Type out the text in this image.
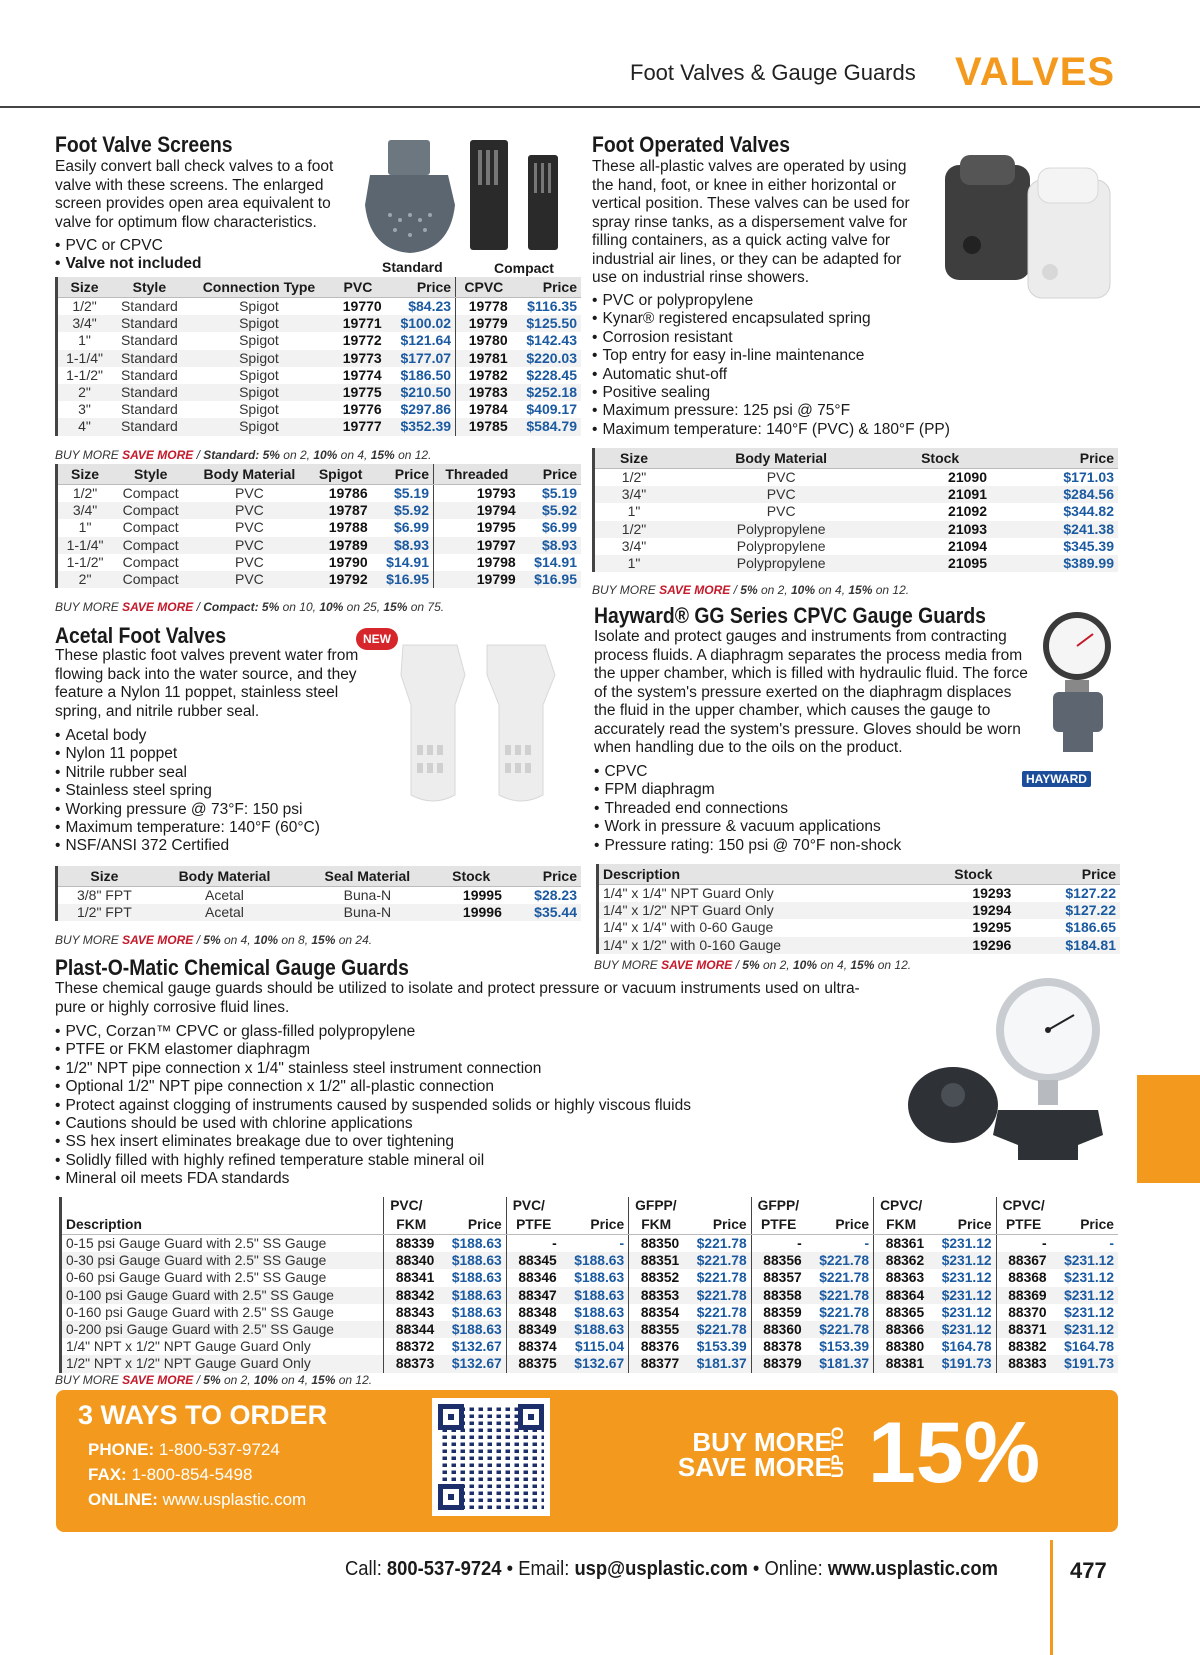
Foot Valves & Gauge Guards VALVES
Foot Valve Screens
Easily convert ball check valves to a foot valve with these screens. The enlarged screen provides open area equivalent to valve for optimum flow characteristics.
• PVC or CPVC
• Valve not included	Standard	Compact
Size	Style	Connection Type	PVC	Price	CPVC	Price
1/2"	Standard	Spigot	19770	$84.23	19778	$116.35
3/4"	Standard	Spigot	19771	$100.02	19779	$125.50
1"	Standard	Spigot	19772	$121.64	19780	$142.43
1-1/4"	Standard	Spigot	19773	$177.07	19781	$220.03
1-1/2"	Standard	Spigot	19774	$186.50	19782	$228.45
2"	Standard	Spigot	19775	$210.50	19783	$252.18
3"	Standard	Spigot	19776	$297.86	19784	$409.17
4"	Standard	Spigot	19777	$352.39	19785	$584.79
BUY MORE SAVE MORE / Standard: 5% on 2, 10% on 4, 15% on 12.
Size	Style	Body Material	Spigot	Price	Threaded	Price
1/2"	Compact	PVC	19786	$5.19	19793	$5.19
3/4"	Compact	PVC	19787	$5.92	19794	$5.92
1"	Compact	PVC	19788	$6.99	19795	$6.99
1-1/4"	Compact	PVC	19789	$8.93	19797	$8.93
1-1/2"	Compact	PVC	19790	$14.91	19798	$14.91
2"	Compact	PVC	19792	$16.95	19799	$16.95
BUY MORE SAVE MORE / Compact: 5% on 10, 10% on 25, 15% on 75.
Acetal Foot Valves	NEW
These plastic foot valves prevent water from flowing back into the water source, and they feature a Nylon 11 poppet, stainless steel spring, and nitrile rubber seal.
• Acetal body
• Nylon 11 poppet
• Nitrile rubber seal
• Stainless steel spring
• Working pressure @ 73°F: 150 psi
• Maximum temperature: 140°F (60°C)
• NSF/ANSI 372 Certified
Size	Body Material	Seal Material	Stock	Price
3/8" FPT	Acetal	Buna-N	19995	$28.23
1/2" FPT	Acetal	Buna-N	19996	$35.44
BUY MORE SAVE MORE / 5% on 4, 10% on 8, 15% on 24.
Foot Operated Valves
These all-plastic valves are operated by using the hand, foot, or knee in either horizontal or vertical position. These valves can be used for spray rinse tanks, as a dispersement valve for filling containers, as a quick acting valve for industrial air lines, or they can be adapted for use on industrial rinse showers.
• PVC or polypropylene
• Kynar® registered encapsulated spring
• Corrosion resistant
• Top entry for easy in-line maintenance
• Automatic shut-off
• Positive sealing
• Maximum pressure: 125 psi @ 75°F
• Maximum temperature: 140°F (PVC) & 180°F (PP)
Size	Body Material	Stock	Price
1/2"	PVC	21090	$171.03
3/4"	PVC	21091	$284.56
1"	PVC	21092	$344.82
1/2"	Polypropylene	21093	$241.38
3/4"	Polypropylene	21094	$345.39
1"	Polypropylene	21095	$389.99
BUY MORE SAVE MORE / 5% on 2, 10% on 4, 15% on 12.
Hayward® GG Series CPVC Gauge Guards
Isolate and protect gauges and instruments from contracting process fluids. A diaphragm separates the process media from the upper chamber, which is filled with hydraulic fluid. The force of the system's pressure exerted on the diaphragm displaces the fluid in the upper chamber, which causes the gauge to accurately read the system's pressure. Gloves should be worn when handling due to the oils on the product.
HAYWARD
• CPVC
• FPM diaphragm
• Threaded end connections
• Work in pressure & vacuum applications
• Pressure rating: 150 psi @ 70°F non-shock
Description	Stock	Price
1/4" x 1/4" NPT Guard Only	19293	$127.22
1/4" x 1/2" NPT Guard Only	19294	$127.22
1/4" x 1/4" with 0-60 Gauge	19295	$186.65
1/4" x 1/2" with 0-160 Gauge	19296	$184.81
BUY MORE SAVE MORE / 5% on 2, 10% on 4, 15% on 12.
Plast-O-Matic Chemical Gauge Guards
These chemical gauge guards should be utilized to isolate and protect pressure or vacuum instruments used on ultra-pure or highly corrosive fluid lines.
• PVC, Corzan™ CPVC or glass-filled polypropylene
• PTFE or FKM elastomer diaphragm
• 1/2" NPT pipe connection x 1/4" stainless steel instrument connection
• Optional 1/2" NPT pipe connection x 1/2" all-plastic connection
• Protect against clogging of instruments caused by suspended solids or highly viscous fluids
• Cautions should be used with chlorine applications
• SS hex insert eliminates breakage due to over tightening
• Solidly filled with highly refined temperature stable mineral oil
• Mineral oil meets FDA standards
	PVC/		PVC/		GFPP/		GFPP/		CPVC/		CPVC/	
Description	FKM	Price	PTFE	Price	FKM	Price	PTFE	Price	FKM	Price	PTFE	Price
0-15 psi Gauge Guard with 2.5" SS Gauge	88339	$188.63	-	-	88350	$221.78	-	-	88361	$231.12	-	-
0-30 psi Gauge Guard with 2.5" SS Gauge	88340	$188.63	88345	$188.63	88351	$221.78	88356	$221.78	88362	$231.12	88367	$231.12
0-60 psi Gauge Guard with 2.5" SS Gauge	88341	$188.63	88346	$188.63	88352	$221.78	88357	$221.78	88363	$231.12	88368	$231.12
0-100 psi Gauge Guard with 2.5" SS Gauge	88342	$188.63	88347	$188.63	88353	$221.78	88358	$221.78	88364	$231.12	88369	$231.12
0-160 psi Gauge Guard with 2.5" SS Gauge	88343	$188.63	88348	$188.63	88354	$221.78	88359	$221.78	88365	$231.12	88370	$231.12
0-200 psi Gauge Guard with 2.5" SS Gauge	88344	$188.63	88349	$188.63	88355	$221.78	88360	$221.78	88366	$231.12	88371	$231.12
1/4" NPT x 1/2" NPT Gauge Guard Only	88372	$132.67	88374	$115.04	88376	$153.39	88378	$153.39	88380	$164.78	88382	$164.78
1/2" NPT x 1/2" NPT Gauge Guard Only	88373	$132.67	88375	$132.67	88377	$181.37	88379	$181.37	88381	$191.73	88383	$191.73
BUY MORE SAVE MORE / 5% on 2, 10% on 4, 15% on 12.
3 WAYS TO ORDER
PHONE: 1-800-537-9724
FAX: 1-800-854-5498
ONLINE: www.usplastic.com
BUY MORE
SAVE MORE
UP TO 15%
Call: 800-537-9724 • Email: usp@usplastic.com • Online: www.usplastic.com	477
